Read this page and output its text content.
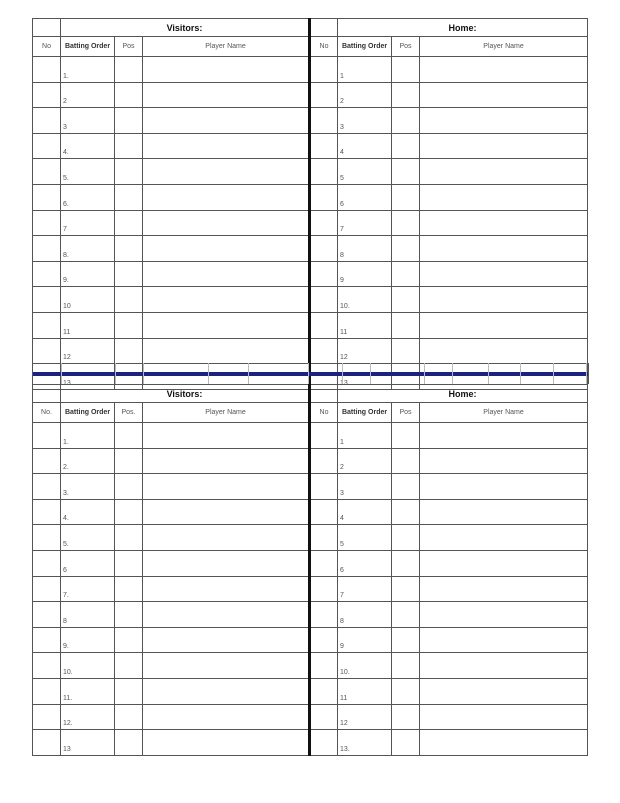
	Visitors:				Home:		
No	Batting Order	Pos	Player Name	No	Batting Order	Pos	Player Name
	1.				1		
	2				2		
	3				3		
	4.				4		
	5.				5		
	6.				6		
	7				7		
	8.				8		
	9.				9		
	10				10.		
	11				11		
	12				12		
	13.				13.		
	Visitors:				Home:		
No.	Batting Order	Pos.	Player Name	No	Batting Order	Pos	Player Name
	1.				1		
	2.				2		
	3.				3		
	4.				4		
	5.				5		
	6				6		
	7.				7		
	8				8		
	9.				9		
	10.				10.		
	11.				11		
	12.				12		
	13				13.		
